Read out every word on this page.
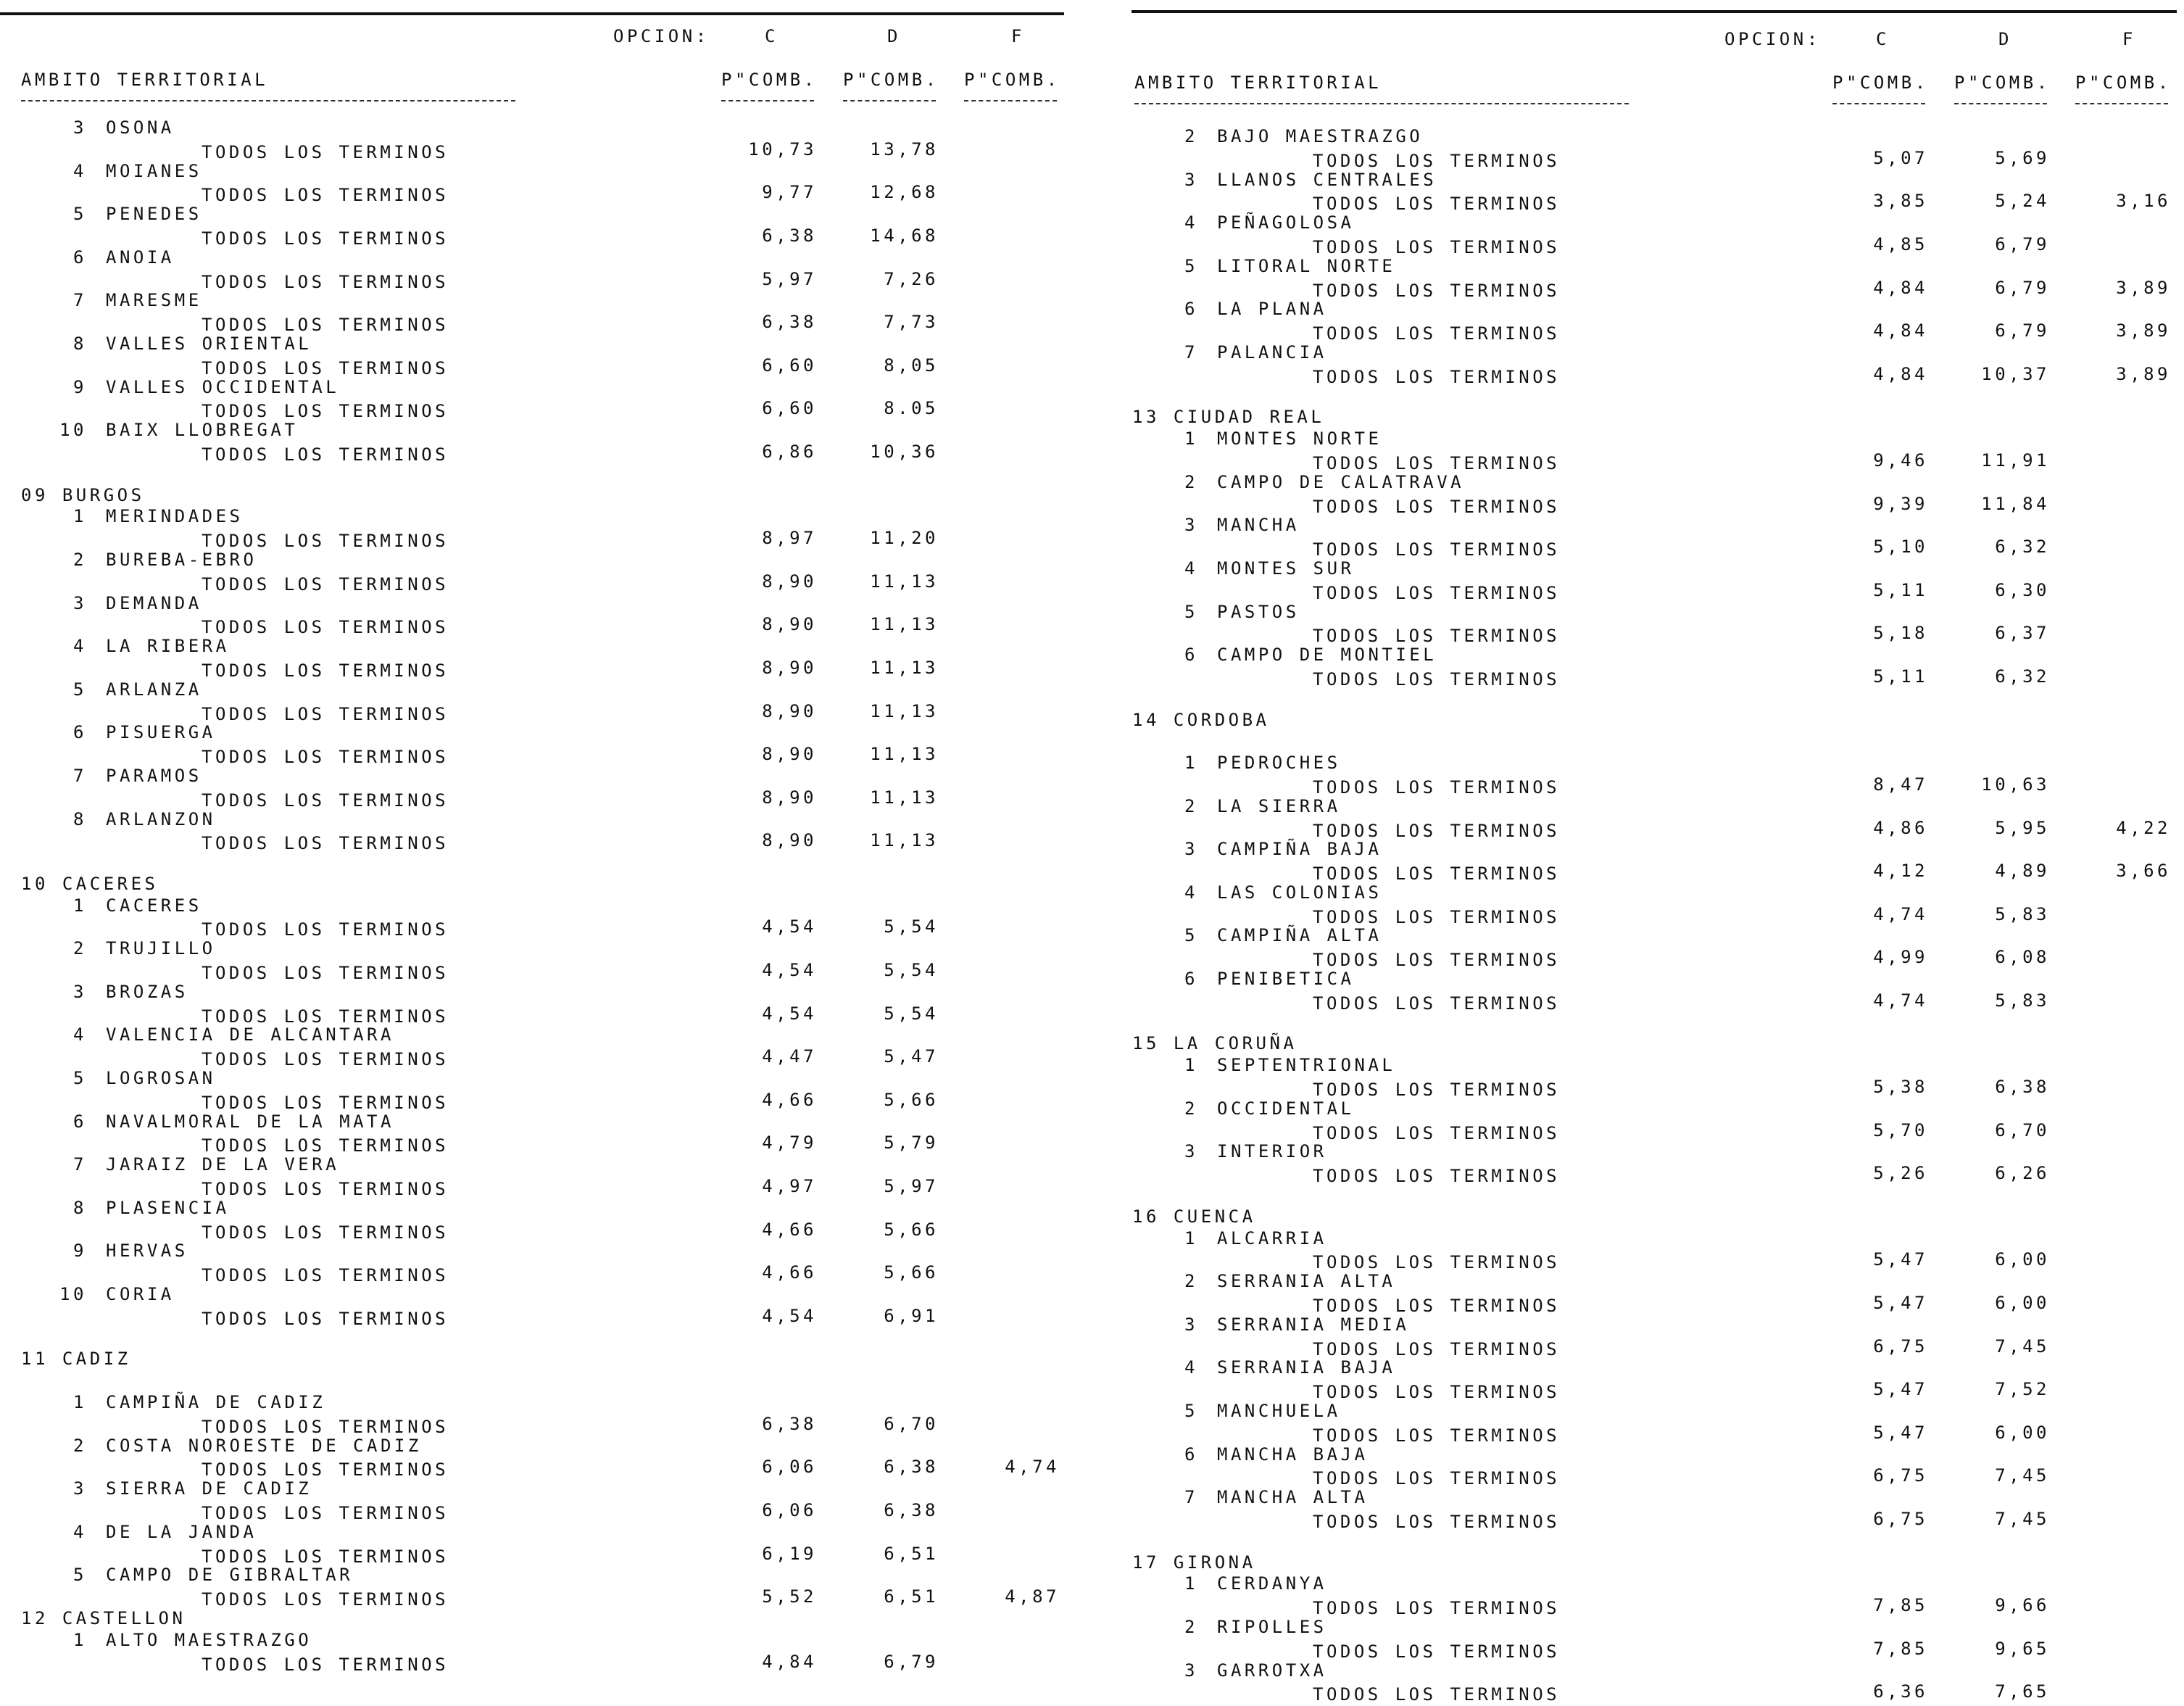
OPCION:	C	D	F
AMBITO TERRITORIAL	P"COMB. P"COMB. P"COMB.
3 OSONA
TODOS LOS TERMINOS	10,73	13,78
4 MOIANES
TODOS LOS TERMINOS	9,77	12,68
5 PENEDES
TODOS LOS TERMINOS	6,38	14,68
6 ANOIA
TODOS LOS TERMINOS	5,97	7,26
7 MARESME
TODOS LOS TERMINOS	6,38	7,73
8 VALLES ORIENTAL
TODOS LOS TERMINOS	6,60	8,05
9 VALLES OCCIDENTAL
TODOS LOS TERMINOS	6,60	8.05
10 BAIX LLOBREGAT
TODOS LOS TERMINOS	6,86	10,36
09 BURGOS
1 MERINDADES
TODOS LOS TERMINOS	8,97	11,20
2 BUREBA-EBRO
TODOS LOS TERMINOS	8,90	11,13
3 DEMANDA
TODOS LOS TERMINOS	8,90	11,13
4 LA RIBERA
TODOS LOS TERMINOS	8,90	11,13
5 ARLANZA
TODOS LOS TERMINOS	8,90	11,13
6 PISUERGA
TODOS LOS TERMINOS	8,90	11,13
7 PARAMOS
TODOS LOS TERMINOS	8,90	11,13
8 ARLANZON
TODOS LOS TERMINOS	8,90	11,13
10 CACERES
1 CACERES
TODOS LOS TERMINOS	4,54	5,54
2 TRUJILLO
TODOS LOS TERMINOS	4,54	5,54
3 BROZAS
TODOS LOS TERMINOS	4,54	5,54
4 VALENCIA DE ALCANTARA
TODOS LOS TERMINOS	4,47	5,47
5 LOGROSAN
TODOS LOS TERMINOS	4,66	5,66
6 NAVALMORAL DE LA MATA
TODOS LOS TERMINOS	4,79	5,79
7 JARAIZ DE LA VERA
TODOS LOS TERMINOS	4,97	5,97
8 PLASENCIA
TODOS LOS TERMINOS	4,66	5,66
9 HERVAS
TODOS LOS TERMINOS	4,66	5,66
10 CORIA
TODOS LOS TERMINOS	4,54	6,91
11 CADIZ
1 CAMPIÑA DE CADIZ
TODOS LOS TERMINOS	6,38	6,70
2 COSTA NOROESTE DE CADIZ
TODOS LOS TERMINOS	6,06	6,38	4,74
3 SIERRA DE CADIZ
TODOS LOS TERMINOS	6,06	6,38
4 DE LA JANDA
TODOS LOS TERMINOS	6,19	6,51
5 CAMPO DE GIBRALTAR
TODOS LOS TERMINOS	5,52	6,51	4,87
12 CASTELLON
1 ALTO MAESTRAZGO
TODOS LOS TERMINOS	4,84	6,79
OPCION:	C	D	F
AMBITO TERRITORIAL	P"COMB. P"COMB. P"COMB.
2 BAJO MAESTRAZGO
TODOS LOS TERMINOS	5,07	5,69
3 LLANOS CENTRALES
TODOS LOS TERMINOS	3,85	5,24	3,16
4 PEÑAGOLOSA
TODOS LOS TERMINOS	4,85	6,79
5 LITORAL NORTE
TODOS LOS TERMINOS	4,84	6,79	3,89
6 LA PLANA
TODOS LOS TERMINOS	4,84	6,79	3,89
7 PALANCIA
TODOS LOS TERMINOS	4,84	10,37	3,89
13 CIUDAD REAL
1 MONTES NORTE
TODOS LOS TERMINOS	9,46	11,91
2 CAMPO DE CALATRAVA
TODOS LOS TERMINOS	9,39	11,84
3 MANCHA
TODOS LOS TERMINOS	5,10	6,32
4 MONTES SUR
TODOS LOS TERMINOS	5,11	6,30
5 PASTOS
TODOS LOS TERMINOS	5,18	6,37
6 CAMPO DE MONTIEL
TODOS LOS TERMINOS	5,11	6,32
14 CORDOBA
1 PEDROCHES
TODOS LOS TERMINOS	8,47	10,63
2 LA SIERRA
TODOS LOS TERMINOS	4,86	5,95	4,22
3 CAMPIÑA BAJA
TODOS LOS TERMINOS	4,12	4,89	3,66
4 LAS COLONIAS
TODOS LOS TERMINOS	4,74	5,83
5 CAMPIÑA ALTA
TODOS LOS TERMINOS	4,99	6,08
6 PENIBETICA
TODOS LOS TERMINOS	4,74	5,83
15 LA CORUÑA
1 SEPTENTRIONAL
TODOS LOS TERMINOS	5,38	6,38
2 OCCIDENTAL
TODOS LOS TERMINOS	5,70	6,70
3 INTERIOR
TODOS LOS TERMINOS	5,26	6,26
16 CUENCA
1 ALCARRIA
TODOS LOS TERMINOS	5,47	6,00
2 SERRANIA ALTA
TODOS LOS TERMINOS	5,47	6,00
3 SERRANIA MEDIA
TODOS LOS TERMINOS	6,75	7,45
4 SERRANIA BAJA
TODOS LOS TERMINOS	5,47	7,52
5 MANCHUELA
TODOS LOS TERMINOS	5,47	6,00
6 MANCHA BAJA
TODOS LOS TERMINOS	6,75	7,45
7 MANCHA ALTA
TODOS LOS TERMINOS	6,75	7,45
17 GIRONA
1 CERDANYA
TODOS LOS TERMINOS	7,85	9,66
2 RIPOLLES
TODOS LOS TERMINOS	7,85	9,65
3 GARROTXA
TODOS LOS TERMINOS	6,36	7,65
